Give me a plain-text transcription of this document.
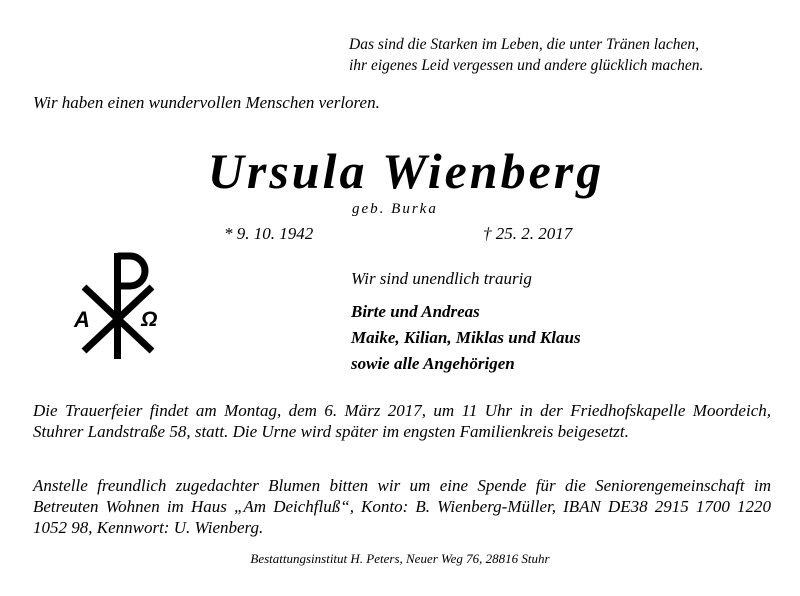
Das sind die Starken im Leben, die unter Tränen lachen,
ihr eigenes Leid vergessen und andere glücklich machen.
Wir haben einen wundervollen Menschen verloren.
Ursula Wienberg
geb. Burka
* 9. 10. 1942	† 25. 2. 2017
A Ω
Wir sind unendlich traurig
Birte und Andreas
Maike, Kilian, Miklas und Klaus
sowie alle Angehörigen
Die Trauerfeier findet am Montag, dem 6. März 2017, um 11 Uhr in der Friedhofskapelle Moordeich, Stuhrer Landstraße 58, statt. Die Urne wird später im engsten Familienkreis beigesetzt.
Anstelle freundlich zugedachter Blumen bitten wir um eine Spende für die Seniorengemeinschaft im Betreuten Wohnen im Haus „Am Deichfluß“, Konto: B. Wienberg-Müller, IBAN DE38 2915 1700 1220 1052 98, Kennwort: U. Wienberg.
Bestattungsinstitut H. Peters, Neuer Weg 76, 28816 Stuhr
